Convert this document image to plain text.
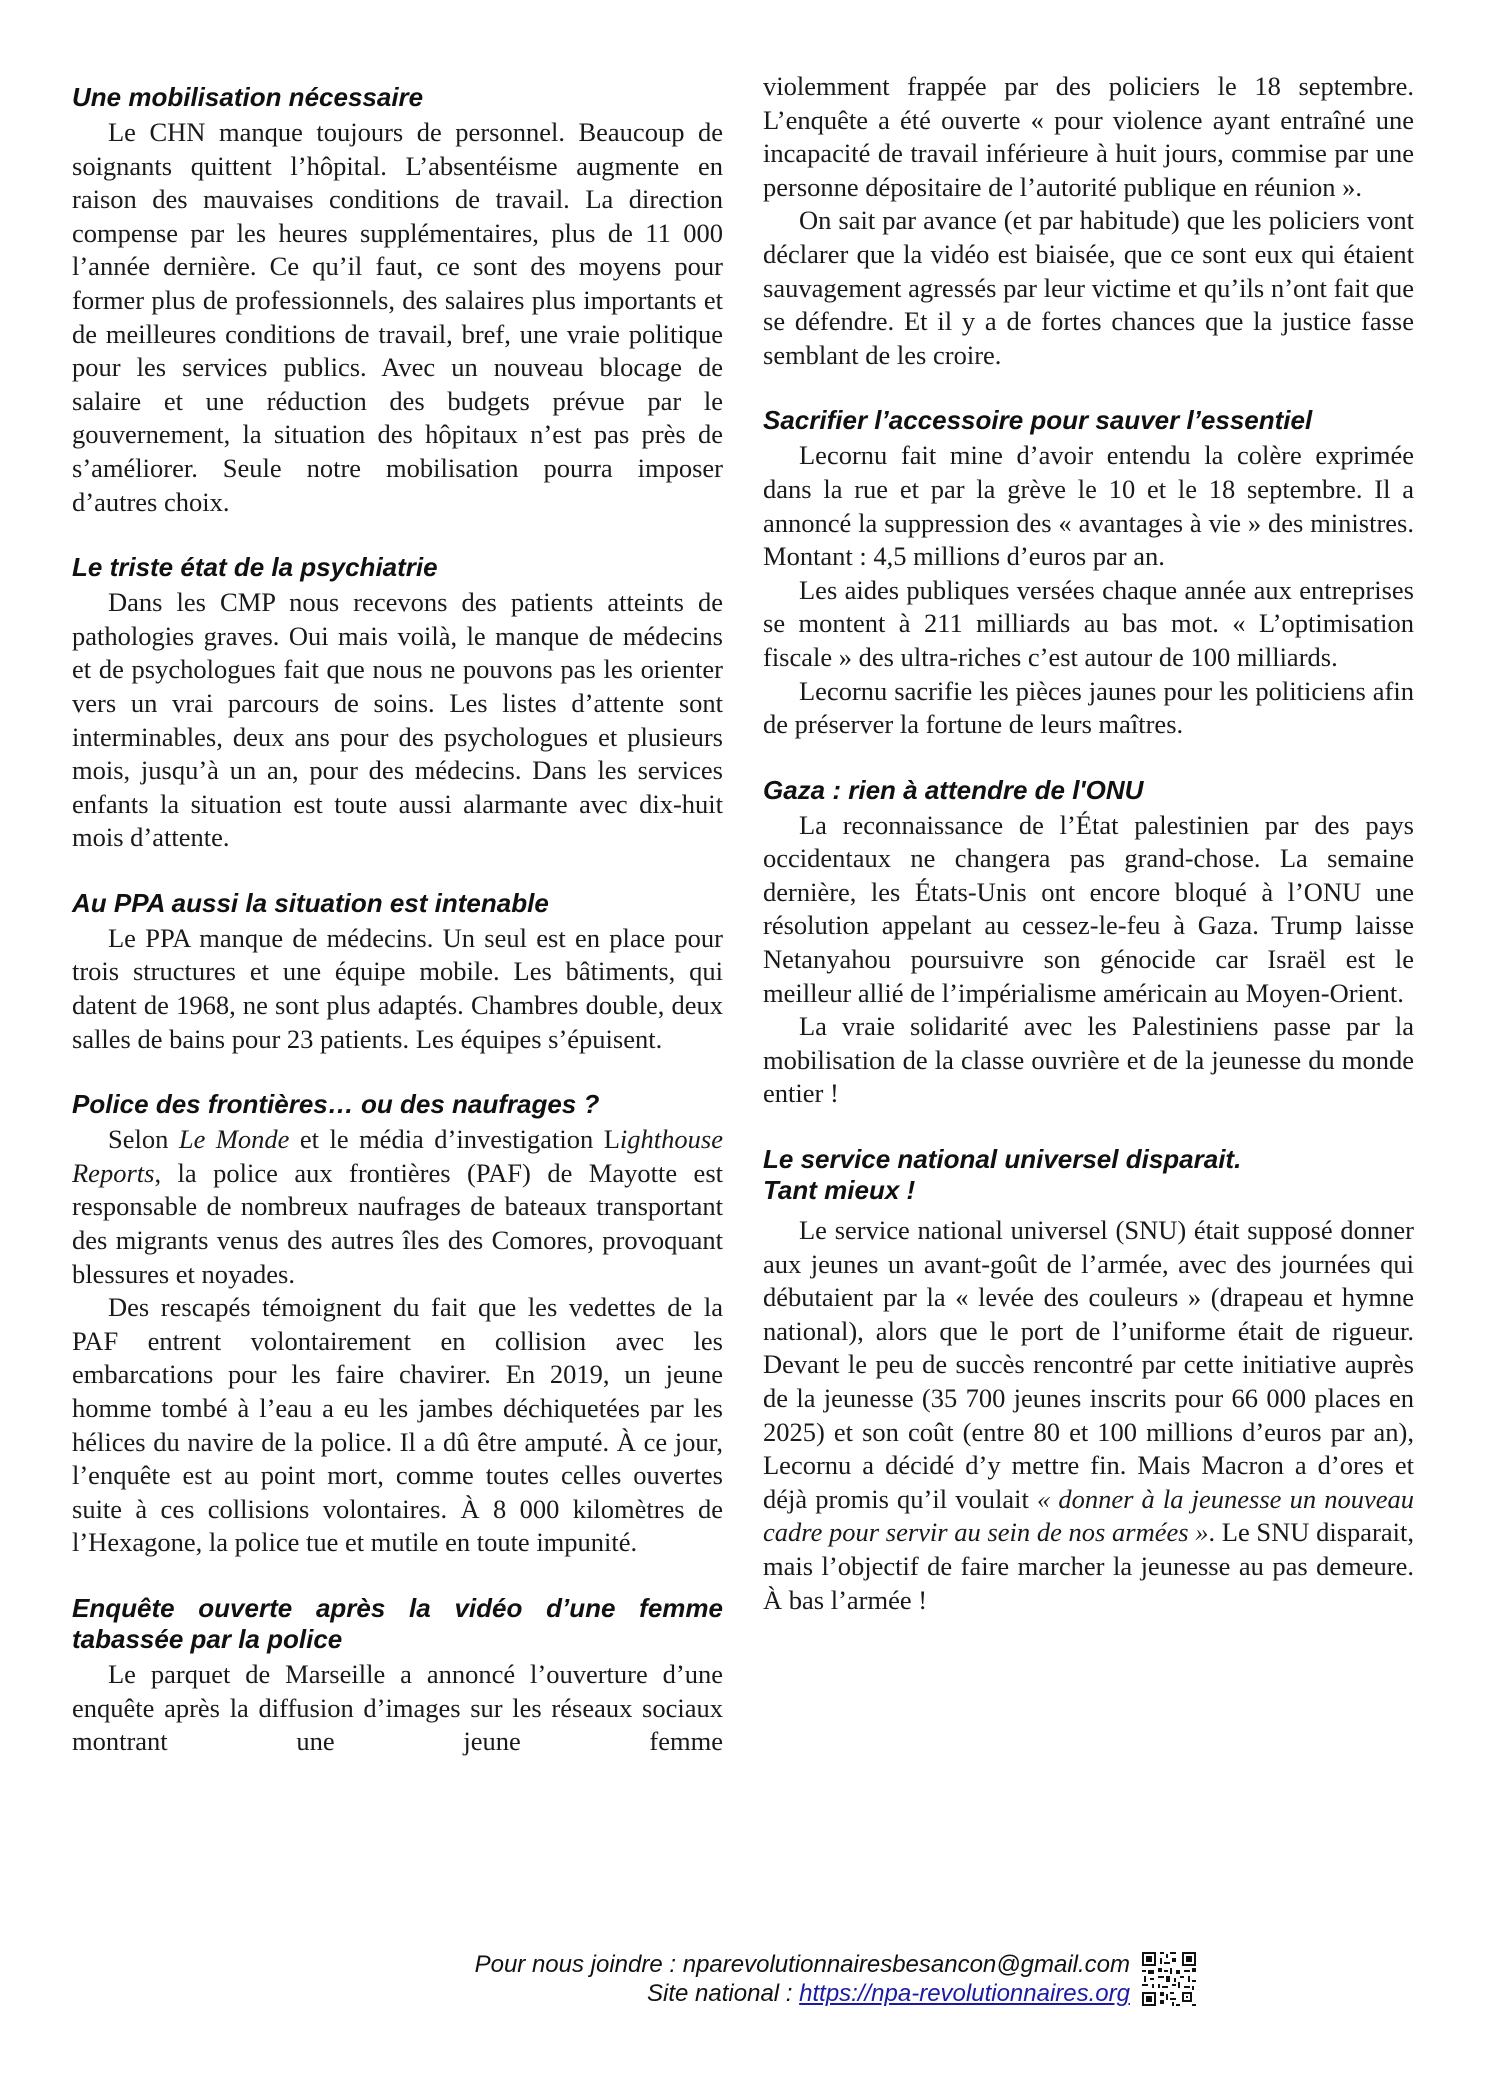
Une mobilisation nécessaire

Le CHN manque toujours de personnel. Beaucoup de soignants quittent l’hôpital. L’absentéisme augmente en raison des mauvaises conditions de travail. La direction compense par les heures supplémentaires, plus de 11 000 l’année dernière. Ce qu’il faut, ce sont des moyens pour former plus de professionnels, des salaires plus importants et de meilleures conditions de travail, bref, une vraie politique pour les services publics. Avec un nouveau blocage de salaire et une réduction des budgets prévue par le gouvernement, la situation des hôpitaux n’est pas près de s’améliorer. Seule notre mobilisation pourra imposer d’autres choix.

Le triste état de la psychiatrie

Dans les CMP nous recevons des patients atteints de pathologies graves. Oui mais voilà, le manque de médecins et de psychologues fait que nous ne pouvons pas les orienter vers un vrai parcours de soins. Les listes d’attente sont interminables, deux ans pour des psychologues et plusieurs mois, jusqu’à un an, pour des médecins. Dans les services enfants la situation est toute aussi alarmante avec dix-huit mois d’attente.

Au PPA aussi la situation est intenable

Le PPA manque de médecins. Un seul est en place pour trois structures et une équipe mobile. Les bâtiments, qui datent de 1968, ne sont plus adaptés. Chambres double, deux salles de bains pour 23 patients. Les équipes s’épuisent.

Police des frontières… ou des naufrages ?

Selon Le Monde et le média d’investigation Lighthouse Reports, la police aux frontières (PAF) de Mayotte est responsable de nombreux naufrages de bateaux transportant des migrants venus des autres îles des Comores, provoquant blessures et noyades.

Des rescapés témoignent du fait que les vedettes de la PAF entrent volontairement en collision avec les embarcations pour les faire chavirer. En 2019, un jeune homme tombé à l’eau a eu les jambes déchiquetées par les hélices du navire de la police. Il a dû être amputé. À ce jour, l’enquête est au point mort, comme toutes celles ouvertes suite à ces collisions volontaires. À 8 000 kilomètres de l’Hexagone, la police tue et mutile en toute impunité.

Enquête ouverte après la vidéo d’une femme tabassée par la police

Le parquet de Marseille a annoncé l’ouverture d’une enquête après la diffusion d’images sur les réseaux sociaux montrant une jeune femme

violemment frappée par des policiers le 18 septembre. L’enquête a été ouverte « pour violence ayant entraîné une incapacité de travail inférieure à huit jours, commise par une personne dépositaire de l’autorité publique en réunion ».

On sait par avance (et par habitude) que les policiers vont déclarer que la vidéo est biaisée, que ce sont eux qui étaient sauvagement agressés par leur victime et qu’ils n’ont fait que se défendre. Et il y a de fortes chances que la justice fasse semblant de les croire.

Sacrifier l’accessoire pour sauver l’essentiel

Lecornu fait mine d’avoir entendu la colère exprimée dans la rue et par la grève le 10 et le 18 septembre. Il a annoncé la suppression des « avantages à vie » des ministres. Montant : 4,5 millions d’euros par an.

Les aides publiques versées chaque année aux entreprises se montent à 211 milliards au bas mot. « L’optimisation fiscale » des ultra-riches c’est autour de 100 milliards.

Lecornu sacrifie les pièces jaunes pour les politiciens afin de préserver la fortune de leurs maîtres.

Gaza : rien à attendre de l'ONU

La reconnaissance de l’État palestinien par des pays occidentaux ne changera pas grand-chose. La semaine dernière, les États-Unis ont encore bloqué à l’ONU une résolution appelant au cessez-le-feu à Gaza. Trump laisse Netanyahou poursuivre son génocide car Israël est le meilleur allié de l’impérialisme américain au Moyen-Orient.

La vraie solidarité avec les Palestiniens passe par la mobilisation de la classe ouvrière et de la jeunesse du monde entier !

Le service national universel disparait.
Tant mieux !

Le service national universel (SNU) était supposé donner aux jeunes un avant-goût de l’armée, avec des journées qui débutaient par la « levée des couleurs » (drapeau et hymne national), alors que le port de l’uniforme était de rigueur. Devant le peu de succès rencontré par cette initiative auprès de la jeunesse (35 700 jeunes inscrits pour 66 000 places en 2025) et son coût (entre 80 et 100 millions d’euros par an), Lecornu a décidé d’y mettre fin. Mais Macron a d’ores et déjà promis qu’il voulait « donner à la jeunesse un nouveau cadre pour servir au sein de nos armées ». Le SNU disparait, mais l’objectif de faire marcher la jeunesse au pas demeure. À bas l’armée !

Pour nous joindre : nparevolutionnairesbesancon@gmail.com
Site national : https://npa-revolutionnaires.org
